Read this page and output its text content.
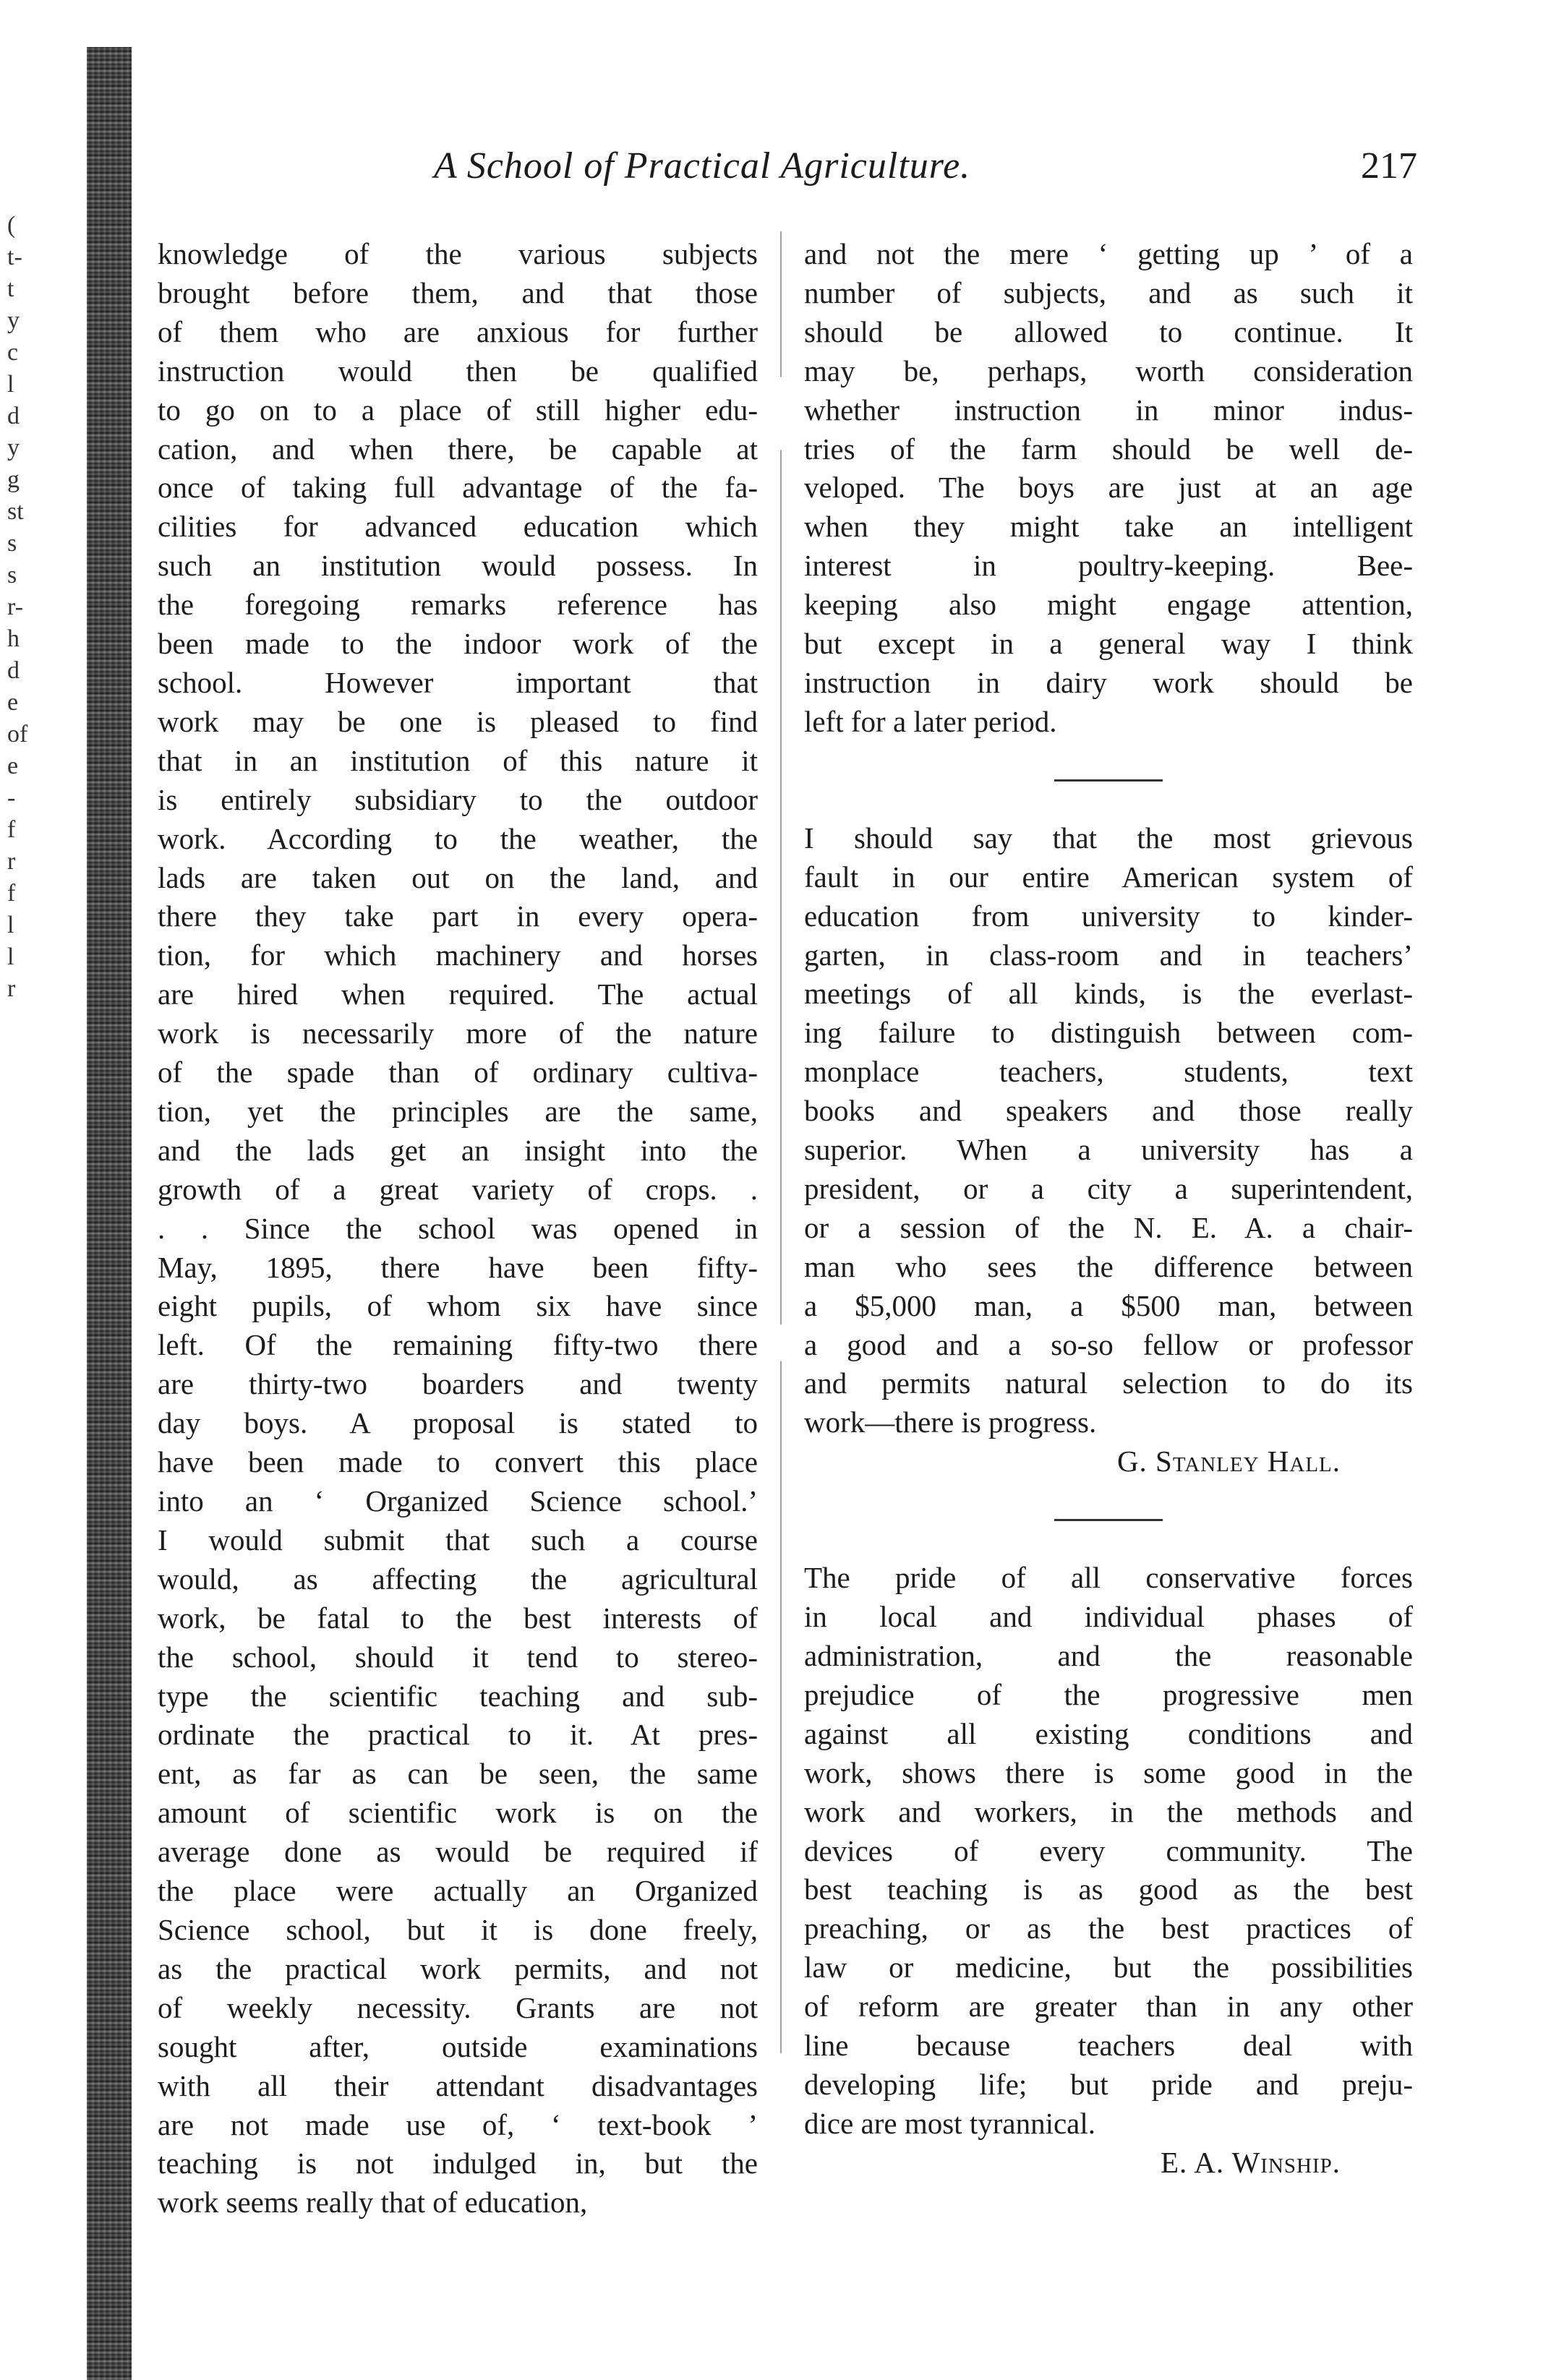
(
t-
t
y
c
l
d
y
g
st
s
s
r-
h
d
e
of
e
-
f
r
f
l
l
r
A School of Practical Agriculture.	217
knowledge of the various subjects
brought before them, and that those
of them who are anxious for further
instruction would then be qualified
to go on to a place of still higher edu-
cation, and when there, be capable at
once of taking full advantage of the fa-
cilities for advanced education which
such an institution would possess. In
the foregoing remarks reference has
been made to the indoor work of the
school. However important that
work may be one is pleased to find
that in an institution of this nature it
is entirely subsidiary to the outdoor
work. According to the weather, the
lads are taken out on the land, and
there they take part in every opera-
tion, for which machinery and horses
are hired when required. The actual
work is necessarily more of the nature
of the spade than of ordinary cultiva-
tion, yet the principles are the same,
and the lads get an insight into the
growth of a great variety of crops. .
. . Since the school was opened in
May, 1895, there have been fifty-
eight pupils, of whom six have since
left. Of the remaining fifty-two there
are thirty-two boarders and twenty
day boys. A proposal is stated to
have been made to convert this place
into an ‘ Organized Science school.’
I would submit that such a course
would, as affecting the agricultural
work, be fatal to the best interests of
the school, should it tend to stereo-
type the scientific teaching and sub-
ordinate the practical to it. At pres-
ent, as far as can be seen, the same
amount of scientific work is on the
average done as would be required if
the place were actually an Organized
Science school, but it is done freely,
as the practical work permits, and not
of weekly necessity. Grants are not
sought after, outside examinations
with all their attendant disadvantages
are not made use of, ‘ text-book ’
teaching is not indulged in, but the
work seems really that of education,
and not the mere ‘ getting up ’ of a
number of subjects, and as such it
should be allowed to continue. It
may be, perhaps, worth consideration
whether instruction in minor indus-
tries of the farm should be well de-
veloped. The boys are just at an age
when they might take an intelligent
interest in poultry-keeping. Bee-
keeping also might engage attention,
but except in a general way I think
instruction in dairy work should be
left for a later period.
I should say that the most grievous
fault in our entire American system of
education from university to kinder-
garten, in class-room and in teachers’
meetings of all kinds, is the everlast-
ing failure to distinguish between com-
monplace teachers, students, text
books and speakers and those really
superior. When a university has a
president, or a city a superintendent,
or a session of the N. E. A. a chair-
man who sees the difference between
a $5,000 man, a $500 man, between
a good and a so-so fellow or professor
and permits natural selection to do its
work—there is progress.
G. Stanley Hall.
The pride of all conservative forces
in local and individual phases of
administration, and the reasonable
prejudice of the progressive men
against all existing conditions and
work, shows there is some good in the
work and workers, in the methods and
devices of every community. The
best teaching is as good as the best
preaching, or as the best practices of
law or medicine, but the possibilities
of reform are greater than in any other
line because teachers deal with
developing life; but pride and preju-
dice are most tyrannical.
E. A. Winship.
